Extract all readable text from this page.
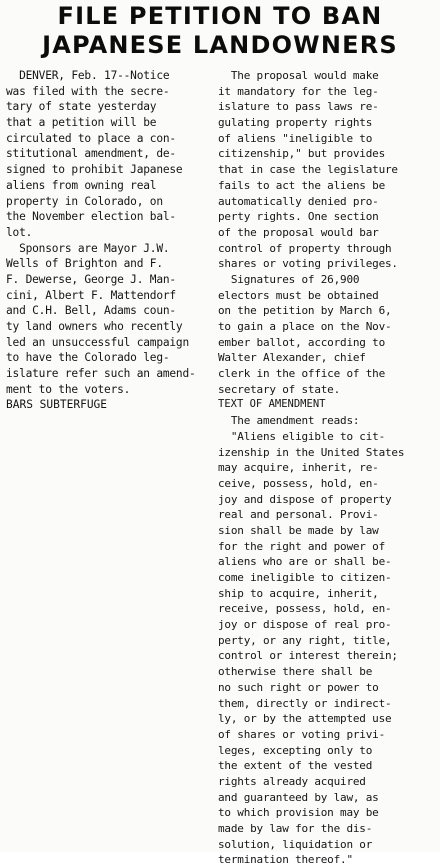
FILE PETITION TO BAN
JAPANESE LANDOWNERS
DENVER, Feb. 17--Notice
was filed with the secre-
tary of state yesterday
that a petition will be
circulated to place a con-
stitutional amendment, de-
signed to prohibit Japanese
aliens from owning real
property in Colorado, on
the November election bal-
lot.
Sponsors are Mayor J.W.
Wells of Brighton and F.
F. Dewerse, George J. Man-
cini, Albert F. Mattendorf
and C.H. Bell, Adams coun-
ty land owners who recently
led an unsuccessful campaign
to have the Colorado leg-
islature refer such an amend-
ment to the voters.
BARS SUBTERFUGE
The proposal would make
it mandatory for the leg-
islature to pass laws re-
gulating property rights
of aliens "ineligible to
citizenship," but provides
that in case the legislature
fails to act the aliens be
automatically denied pro-
perty rights. One section
of the proposal would bar
control of property through
shares or voting privileges.
Signatures of 26,900
electors must be obtained
on the petition by March 6,
to gain a place on the Nov-
ember ballot, according to
Walter Alexander, chief
clerk in the office of the
secretary of state.
TEXT OF AMENDMENT
The amendment reads:
"Aliens eligible to cit-
izenship in the United States
may acquire, inherit, re-
ceive, possess, hold, en-
joy and dispose of property
real and personal. Provi-
sion shall be made by law
for the right and power of
aliens who are or shall be-
come ineligible to citizen-
ship to acquire, inherit,
receive, possess, hold, en-
joy or dispose of real pro-
perty, or any right, title,
control or interest therein;
otherwise there shall be
no such right or power to
them, directly or indirect-
ly, or by the attempted use
of shares or voting privi-
leges, excepting only to
the extent of the vested
rights already acquired
and guaranteed by law, as
to which provision may be
made by law for the dis-
solution, liquidation or
termination thereof."
